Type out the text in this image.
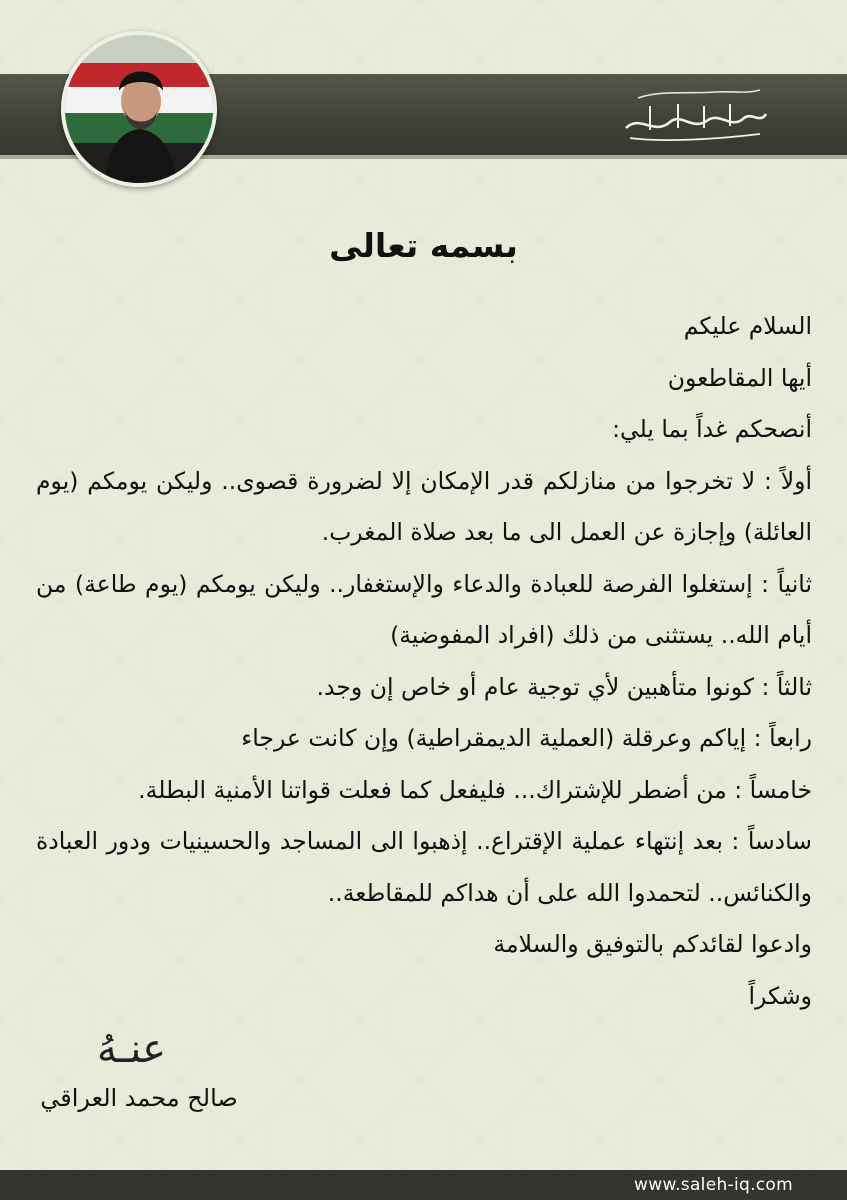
بسمه تعالى
السلام عليكم
أيها المقاطعون
أنصحكم غداً بما يلي:
أولاً : لا تخرجوا من منازلكم قدر الإمكان إلا لضرورة قصوى.. وليكن يومكم (يوم العائلة) وإجازة عن العمل الى ما بعد صلاة المغرب.
ثانياً : إستغلوا الفرصة للعبادة والدعاء والإستغفار.. وليكن يومكم (يوم طاعة) من أيام الله.. يستثنى من ذلك (افراد المفوضية)
ثالثاً : كونوا متأهبين لأي توجية عام أو خاص إن وجد.
رابعاً : إياكم وعرقلة (العملية الديمقراطية) وإن كانت عرجاء
خامساً : من أضطر للإشتراك... فليفعل كما فعلت قواتنا الأمنية البطلة.
سادساً : بعد إنتهاء عملية الإقتراع.. إذهبوا الى المساجد والحسينيات ودور العبادة والكنائس.. لتحمدوا الله على أن هداكم للمقاطعة..
وادعوا لقائدكم بالتوفيق والسلامة
وشكراً
عنـهُ
صالح محمد العراقي
www.saleh-iq.com
